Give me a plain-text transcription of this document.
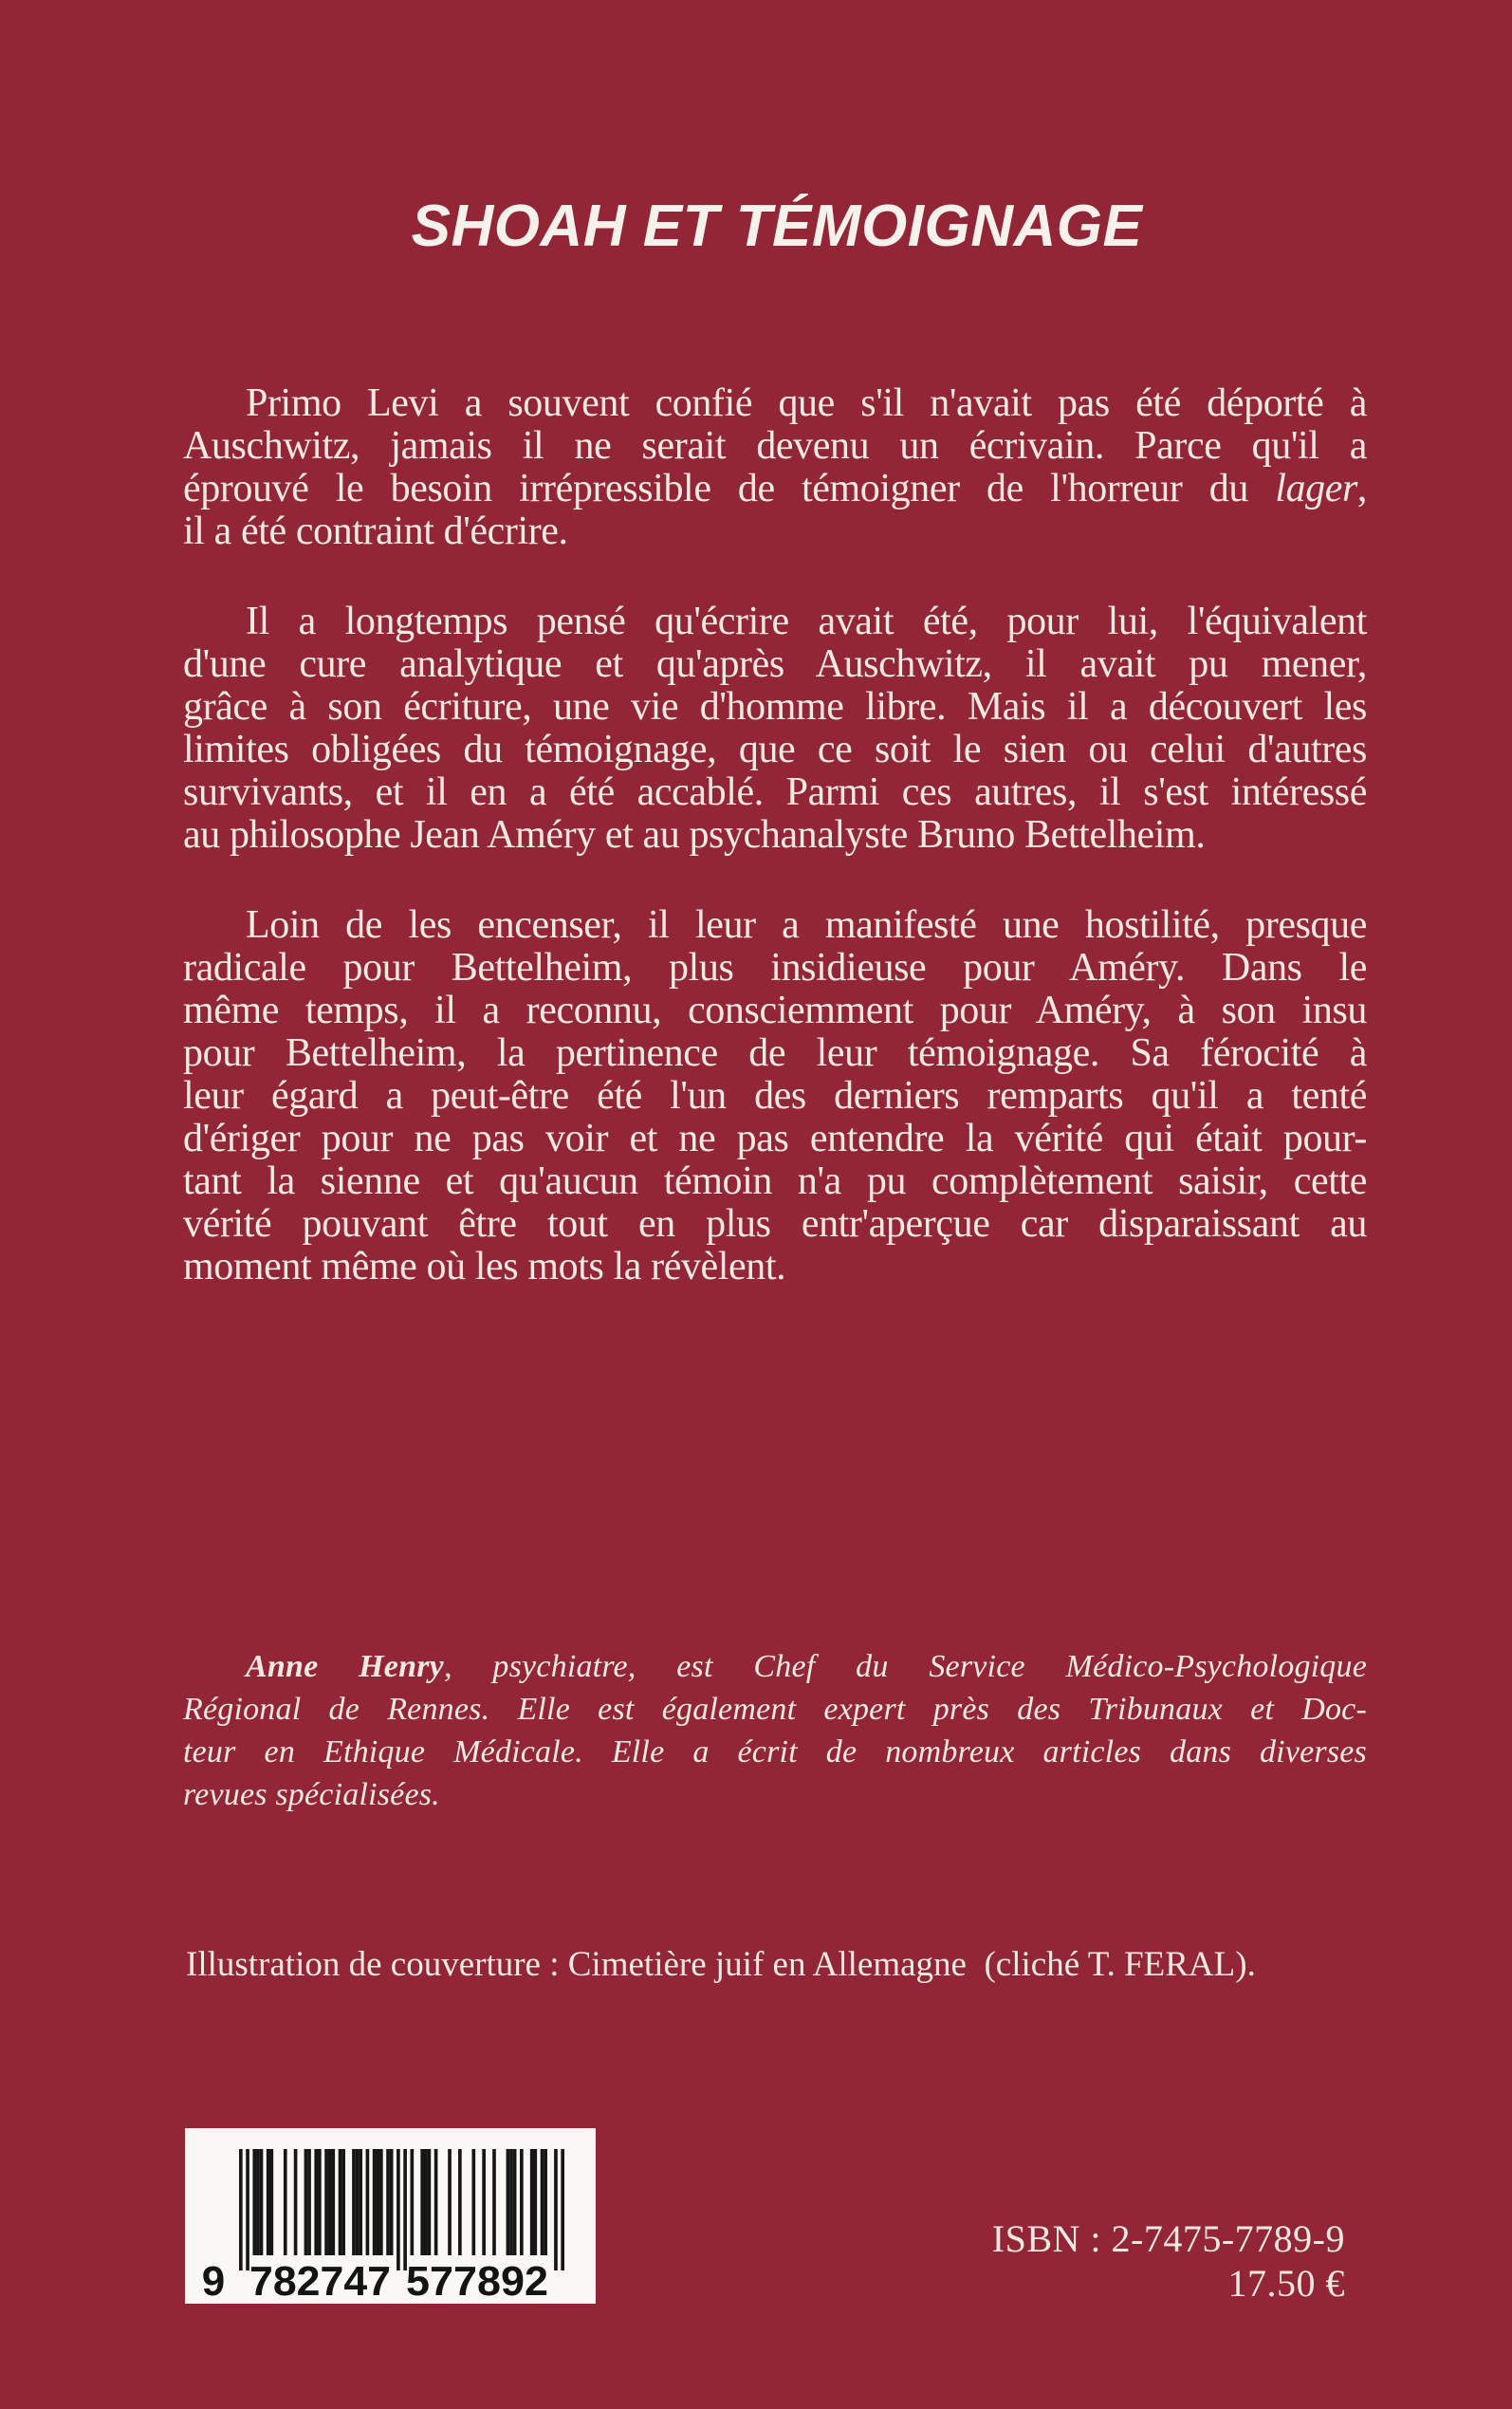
SHOAH ET TÉMOIGNAGE
Primo Levi a souvent confié que s'il n'avait pas été déporté à
Auschwitz, jamais il ne serait devenu un écrivain. Parce qu'il a
éprouvé le besoin irrépressible de témoigner de l'horreur du lager,
il a été contraint d'écrire.
Il a longtemps pensé qu'écrire avait été, pour lui, l'équivalent
d'une cure analytique et qu'après Auschwitz, il avait pu mener,
grâce à son écriture, une vie d'homme libre. Mais il a découvert les
limites obligées du témoignage, que ce soit le sien ou celui d'autres
survivants, et il en a été accablé. Parmi ces autres, il s'est intéressé
au philosophe Jean Améry et au psychanalyste Bruno Bettelheim.
Loin de les encenser, il leur a manifesté une hostilité, presque
radicale pour Bettelheim, plus insidieuse pour Améry. Dans le
même temps, il a reconnu, consciemment pour Améry, à son insu
pour Bettelheim, la pertinence de leur témoignage. Sa férocité à
leur égard a peut-être été l'un des derniers remparts qu'il a tenté
d'ériger pour ne pas voir et ne pas entendre la vérité qui était pour-
tant la sienne et qu'aucun témoin n'a pu complètement saisir, cette
vérité pouvant être tout en plus entr'aperçue car disparaissant au
moment même où les mots la révèlent.
Anne Henry, psychiatre, est Chef du Service Médico-Psychologique
Régional de Rennes. Elle est également expert près des Tribunaux et Doc-
teur en Ethique Médicale. Elle a écrit de nombreux articles dans diverses
revues spécialisées.
Illustration de couverture : Cimetière juif en Allemagne  (cliché T. FERAL).
9 782747 577892
ISBN : 2-7475-7789-9
17.50 €
